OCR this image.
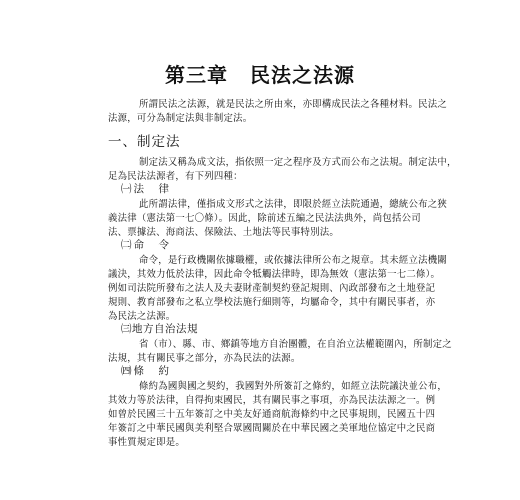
第三章 民法之法源
所謂民法之法源，就是民法之所由來，亦即構成民法之各種材料。民法之
法源，可分為制定法與非制定法。
一、制定法
制定法又稱為成文法，指依照一定之程序及方式而公布之法規。制定法中，
足為民法法源者，有下列四種：
㈠法　律
此所謂法律，僅指成文形式之法律，即限於經立法院通過，總統公布之狹
義法律（憲法第一七〇條）。因此，除前述五編之民法法典外，尚包括公司
法、票據法、海商法、保險法、土地法等民事特別法。
㈡命　令
命令，是行政機關依據職權，或依據法律所公布之規章。其未經立法機關
議決，其效力低於法律，因此命令牴觸法律時，即為無效（憲法第一七二條）。
例如司法院所發布之法人及夫妻財產制契約登記規則、內政部發布之土地登記
規則、教育部發布之私立學校法施行細則等，均屬命令，其中有關民事者，亦
為民法之法源。
㈢地方自治法規
省（市）、縣、市、鄉鎮等地方自治團體，在自治立法權範圍內，所制定之
法規，其有關民事之部分，亦為民法的法源。
㈣條　約
條約為國與國之契約，我國對外所簽訂之條約，如經立法院議決並公布，
其效力等於法律，自得拘束國民，其有關民事之事項，亦為民法法源之一。例
如曾於民國三十五年簽訂之中美友好通商航海條約中之民事規則，民國五十四
年簽訂之中華民國與美利堅合眾國間關於在中華民國之美軍地位協定中之民商
事性質規定即是。
